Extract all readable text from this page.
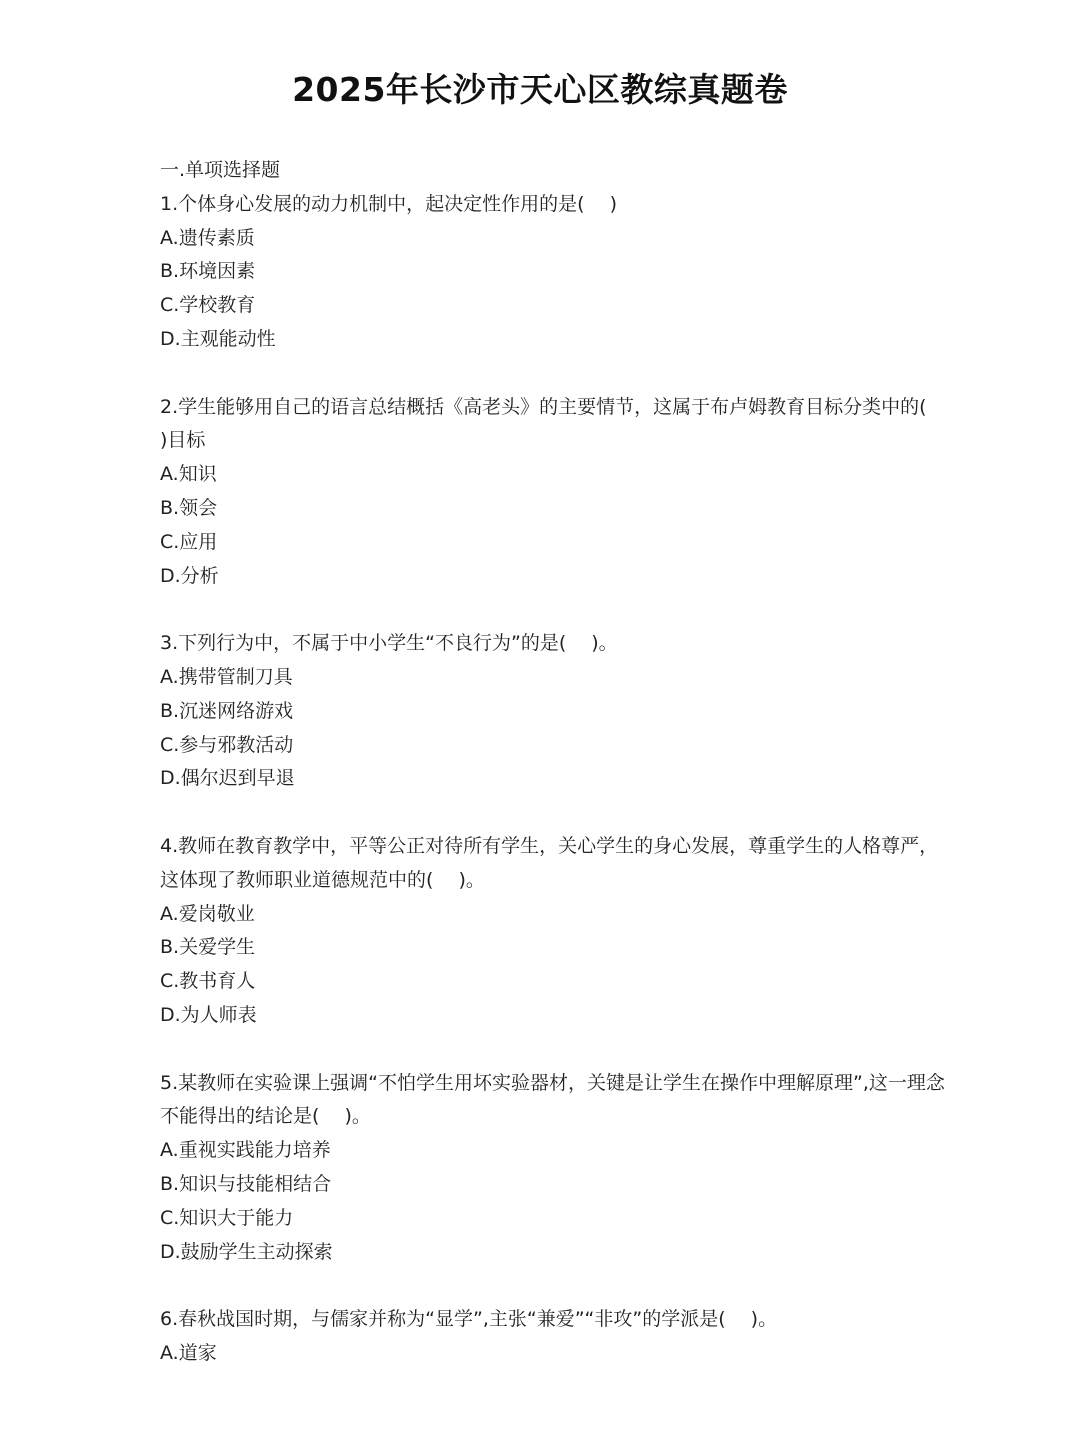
2025年长沙市天心区教综真题卷
一.单项选择题
1.个体身心发展的动力机制中，起决定性作用的是(　 )
A.遗传素质
B.环境因素
C.学校教育
D.主观能动性
2.学生能够用自己的语言总结概括《高老头》的主要情节，这属于布卢姆教育目标分类中的(　 )目标
A.知识
B.领会
C.应用
D.分析
3.下列行为中，不属于中小学生“不良行为”的是(　 )。
A.携带管制刀具
B.沉迷网络游戏
C.参与邪教活动
D.偶尔迟到早退
4.教师在教育教学中，平等公正对待所有学生，关心学生的身心发展，尊重学生的人格尊严，这体现了教师职业道德规范中的(　 )。
A.爱岗敬业
B.关爱学生
C.教书育人
D.为人师表
5.某教师在实验课上强调“不怕学生用坏实验器材，关键是让学生在操作中理解原理”,这一理念不能得出的结论是(　 )。
A.重视实践能力培养
B.知识与技能相结合
C.知识大于能力
D.鼓励学生主动探索
6.春秋战国时期，与儒家并称为“显学”,主张“兼爱”“非攻”的学派是(　 )。
A.道家
